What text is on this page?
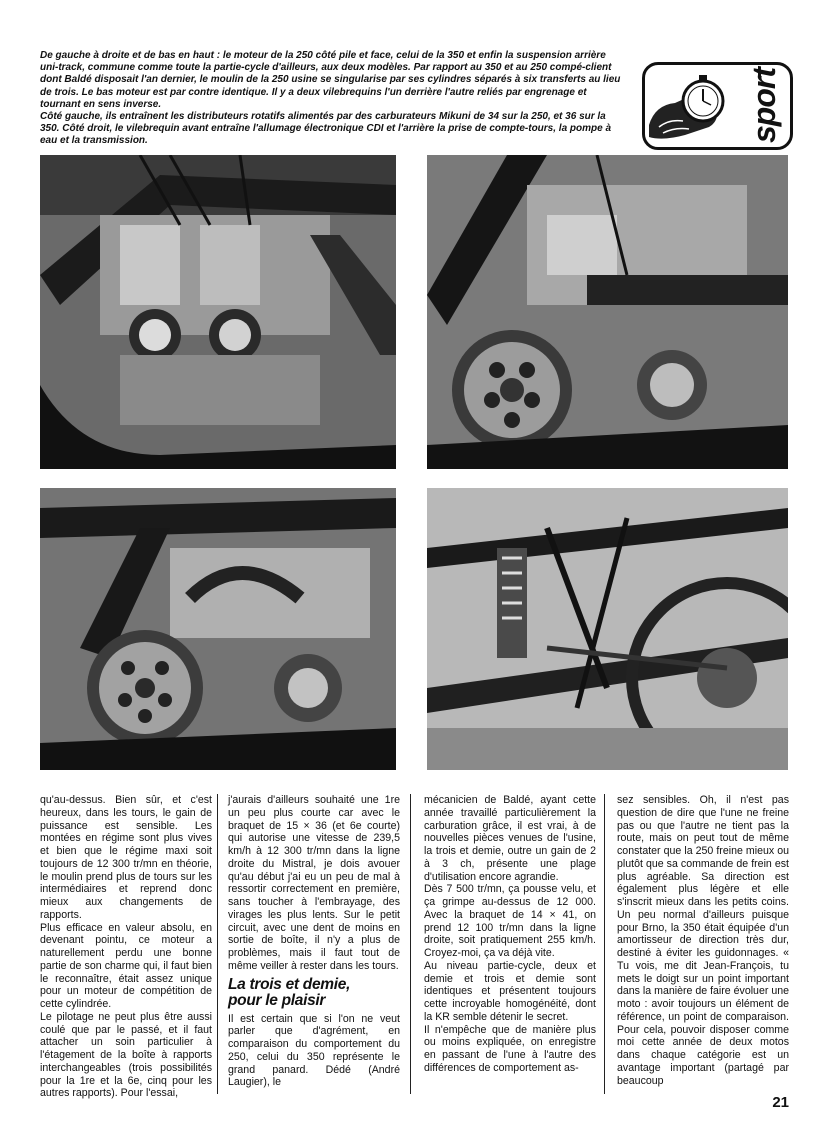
De gauche à droite et de bas en haut : le moteur de la 250 côté pile et face, celui de la 350 et enfin la suspension arrière uni-track, commune comme toute la partie-cycle d'ailleurs, aux deux modèles. Par rapport au 350 et au 250 compé-client dont Baldé disposait l'an dernier, le moulin de la 250 usine se singularise par ses cylindres séparés à six transferts au lieu de trois. Le bas moteur est par contre identique. Il y a deux vilebrequins l'un derrière l'autre reliés par engrenage et tournant en sens inverse.

Côté gauche, ils entraînent les distributeurs rotatifs alimentés par des carburateurs Mikuni de 34 sur la 250, et 36 sur la 350. Côté droit, le vilebrequin avant entraîne l'allumage électronique CDI et l'arrière la prise de compte-tours, la pompe à eau et la transmission.	sport

qu'au-dessus. Bien sûr, et c'est heureux, dans les tours, le gain de puissance est sensible. Les montées en régime sont plus vives et bien que le régime maxi soit toujours de 12 300 tr/mn en théorie, le moulin prend plus de tours sur les intermédiaires et reprend donc mieux aux changements de rapports.

Plus efficace en valeur absolu, en devenant pointu, ce moteur a naturellement perdu une bonne partie de son charme qui, il faut bien le reconnaître, était assez unique pour un moteur de compétition de cette cylindrée.

Le pilotage ne peut plus être aussi coulé que par le passé, et il faut attacher un soin particulier à l'étagement de la boîte à rapports interchangeables (trois possibilités pour la 1re et la 6e, cinq pour les autres rapports). Pour l'essai,

j'aurais d'ailleurs souhaité une 1re un peu plus courte car avec le braquet de 15 × 36 (et 6e courte) qui autorise une vitesse de 239,5 km/h à 12 300 tr/mn dans la ligne droite du Mistral, je dois avouer qu'au début j'ai eu un peu de mal à ressortir correctement en première, sans toucher à l'embrayage, des virages les plus lents. Sur le petit circuit, avec une dent de moins en sortie de boîte, il n'y a plus de problèmes, mais il faut tout de même veiller à rester dans les tours.

La trois et demie,
pour le plaisir

Il est certain que si l'on ne veut parler que d'agrément, en comparaison du comportement du 250, celui du 350 représente le grand panard. Dédé (André Laugier), le

mécanicien de Baldé, ayant cette année travaillé particulièrement la carburation grâce, il est vrai, à de nouvelles pièces venues de l'usine, la trois et demie, outre un gain de 2 à 3 ch, présente une plage d'utilisation encore agrandie.

Dès 7 500 tr/mn, ça pousse velu, et ça grimpe au-dessus de 12 000. Avec la braquet de 14 × 41, on prend 12 100 tr/mn dans la ligne droite, soit pratiquement 255 km/h. Croyez-moi, ça va déjà vite.

Au niveau partie-cycle, deux et demie et trois et demie sont identiques et présentent toujours cette incroyable homogénéité, dont la KR semble détenir le secret.

Il n'empêche que de manière plus ou moins expliquée, on enregistre en passant de l'une à l'autre des différences de comportement as-

sez sensibles. Oh, il n'est pas question de dire que l'une ne freine pas ou que l'autre ne tient pas la route, mais on peut tout de même constater que la 250 freine mieux ou plutôt que sa commande de frein est plus agréable. Sa direction est également plus légère et elle s'inscrit mieux dans les petits coins. Un peu normal d'ailleurs puisque pour Brno, la 350 était équipée d'un amortisseur de direction très dur, destiné à éviter les guidonnages. « Tu vois, me dit Jean-François, tu mets le doigt sur un point important dans la manière de faire évoluer une moto : avoir toujours un élément de référence, un point de comparaison. Pour cela, pouvoir disposer comme moi cette année de deux motos dans chaque catégorie est un avantage important (partagé par beaucoup

21
